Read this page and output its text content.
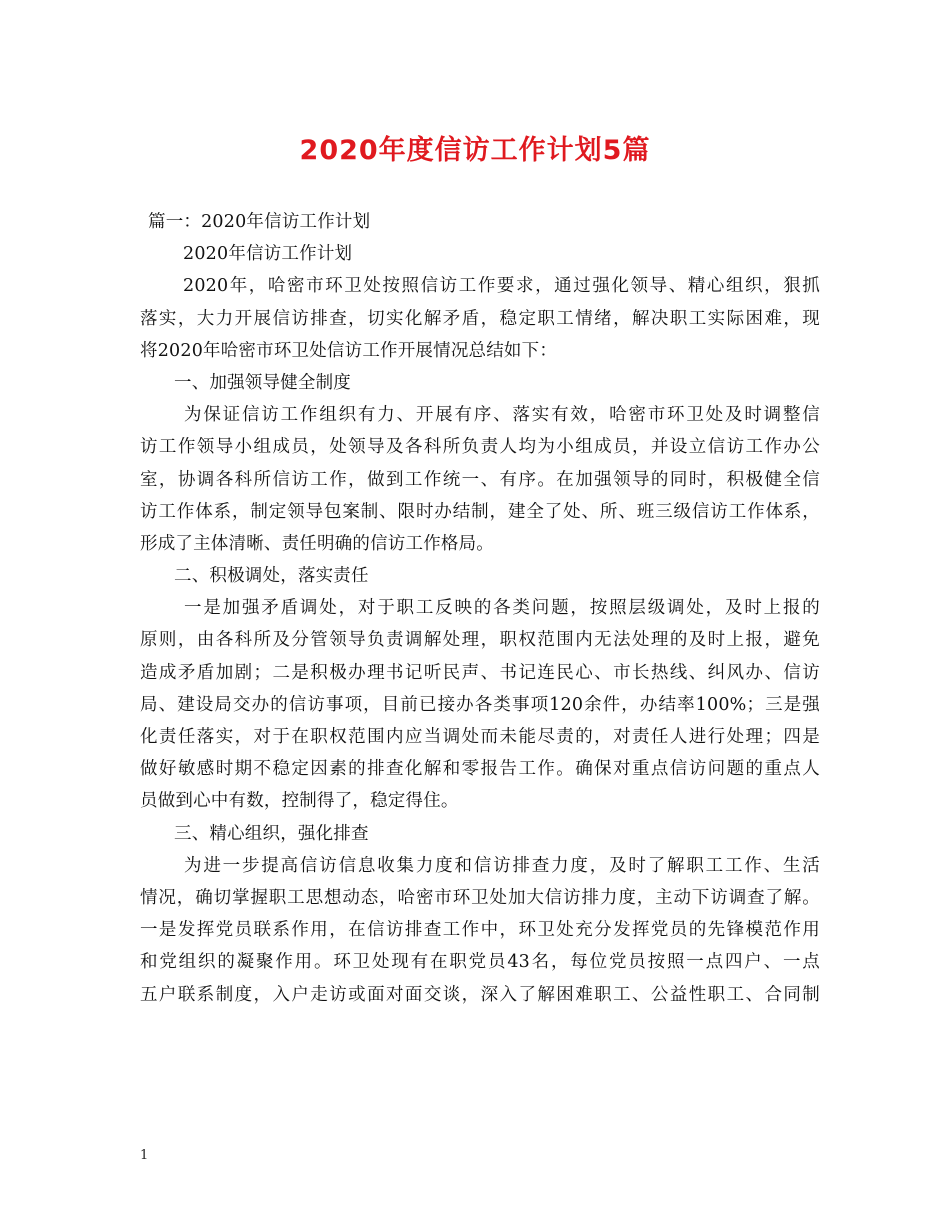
2020年度信访工作计划5篇
篇一：2020年信访工作计划
2020年信访工作计划
2020年，哈密市环卫处按照信访工作要求，通过强化领导、精心组织，狠抓
落实，大力开展信访排查，切实化解矛盾，稳定职工情绪，解决职工实际困难，现
将2020年哈密市环卫处信访工作开展情况总结如下：
一、加强领导健全制度
为保证信访工作组织有力、开展有序、落实有效，哈密市环卫处及时调整信
访工作领导小组成员，处领导及各科所负责人均为小组成员，并设立信访工作办公
室，协调各科所信访工作，做到工作统一、有序。在加强领导的同时，积极健全信
访工作体系，制定领导包案制、限时办结制，建全了处、所、班三级信访工作体系，
形成了主体清晰、责任明确的信访工作格局。
二、积极调处，落实责任
一是加强矛盾调处，对于职工反映的各类问题，按照层级调处，及时上报的
原则，由各科所及分管领导负责调解处理，职权范围内无法处理的及时上报，避免
造成矛盾加剧；二是积极办理书记听民声、书记连民心、市长热线、纠风办、信访
局、建设局交办的信访事项，目前已接办各类事项120余件，办结率100%；三是强
化责任落实，对于在职权范围内应当调处而未能尽责的，对责任人进行处理；四是
做好敏感时期不稳定因素的排查化解和零报告工作。确保对重点信访问题的重点人
员做到心中有数，控制得了，稳定得住。
三、精心组织，强化排查
为进一步提高信访信息收集力度和信访排查力度，及时了解职工工作、生活
情况，确切掌握职工思想动态，哈密市环卫处加大信访排力度，主动下访调查了解。
一是发挥党员联系作用，在信访排查工作中，环卫处充分发挥党员的先锋模范作用
和党组织的凝聚作用。环卫处现有在职党员43名，每位党员按照一点四户、一点
五户联系制度，入户走访或面对面交谈，深入了解困难职工、公益性职工、合同制
1
